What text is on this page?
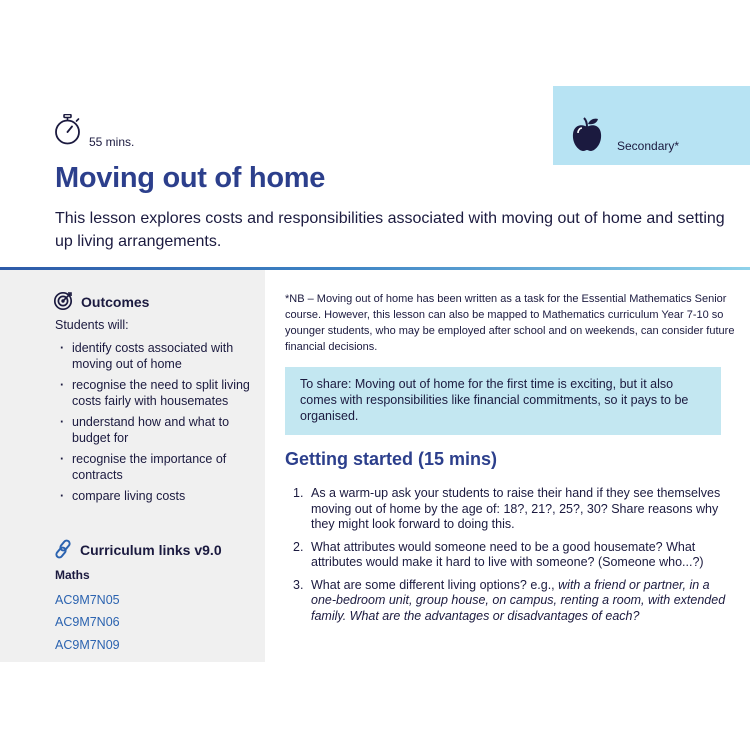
Secondary*
55 mins.
Moving out of home

This lesson explores costs and responsibilities associated with moving out of home and setting up living arrangements.

Outcomes
Students will:
· identify costs associated with moving out of home
· recognise the need to split living costs fairly with housemates
· understand how and what to budget for
· recognise the importance of contracts
· compare living costs
Curriculum links v9.0
Maths
AC9M7N05
AC9M7N06
AC9M7N09

*NB – Moving out of home has been written as a task for the Essential Mathematics Senior course. However, this lesson can also be mapped to Mathematics curriculum Year 7-10 so younger students, who may be employed after school and on weekends, can consider future financial decisions.

To share: Moving out of home for the first time is exciting, but it also comes with responsibilities like financial commitments, so it pays to be organised.
Getting started (15 mins)
1. As a warm-up ask your students to raise their hand if they see themselves moving out of home by the age of: 18?, 21?, 25?, 30? Share reasons why they might look forward to doing this.
2. What attributes would someone need to be a good housemate? What attributes would make it hard to live with someone? (Someone who...?)
3. What are some different living options? e.g., with a friend or partner, in a one-bedroom unit, group house, on campus, renting a room, with extended family. What are the advantages or disadvantages of each?
